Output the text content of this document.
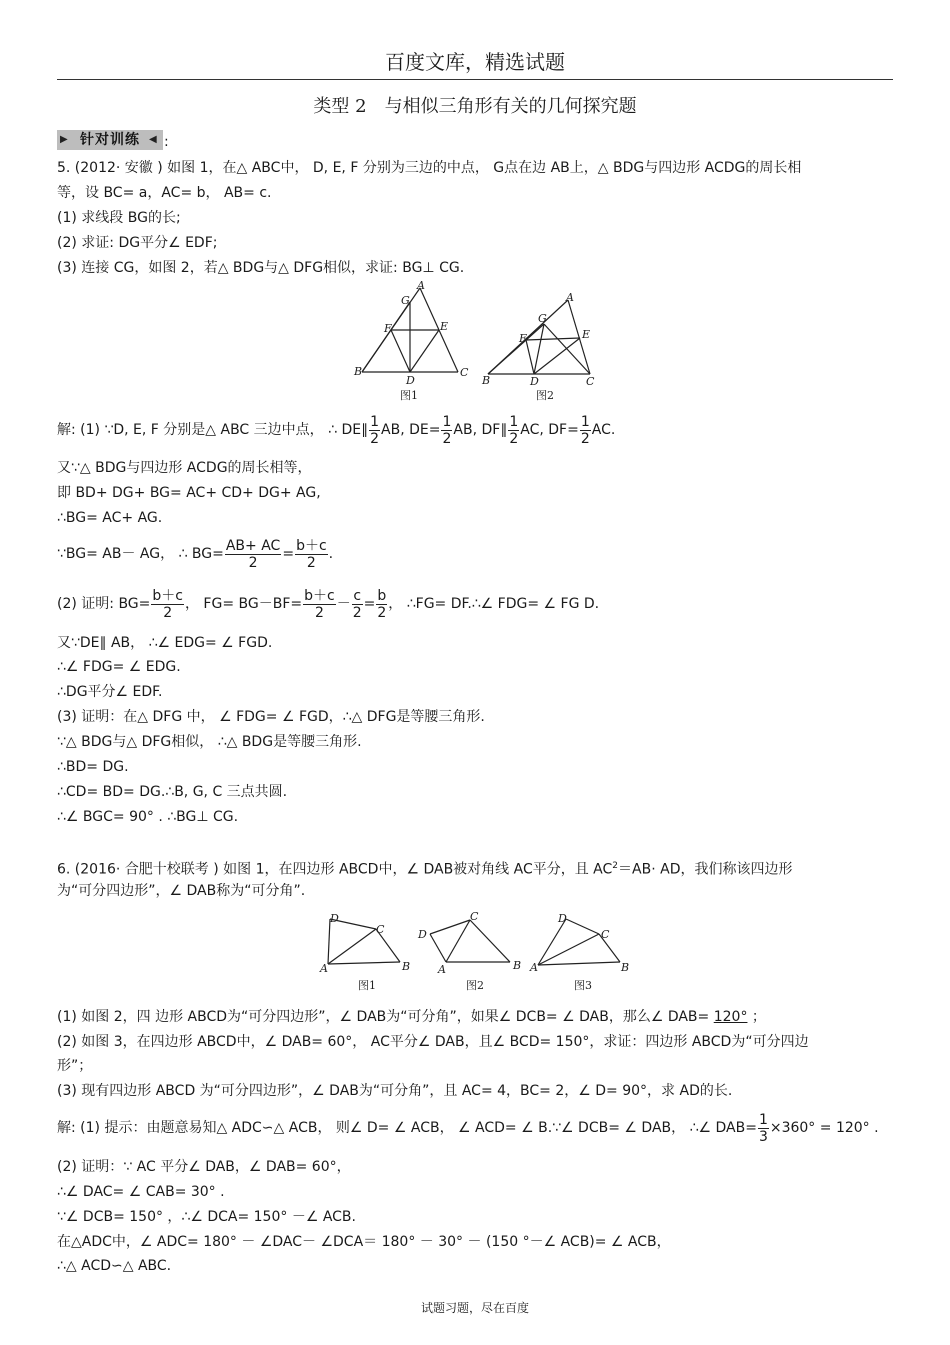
百度文库，精选试题
类型 2　与相似三角形有关的几何探究题
▶ 针对训练 ◀ :
5. (2012· 安徽 ) 如图 1，在△ ABC中， D, E, F 分别为三边的中点， G点在边 AB上，△ BDG与四边形 ACDG的周长相
等，设 BC= a，AC= b， AB= c.
(1) 求线段 BG的长;
(2) 求证: DG平分∠ EDF;
(3) 连接 CG，如图 2，若△ BDG与△ DFG相似，求证: BG⊥ CG.
A
G
F	E
B	C
D
图1
A
G
F	E
B	C
D
图2
解: (1) ∵D, E, F 分别是△ ABC 三边中点， ∴ DE∥ $\frac{1}{2}$ AB, $DE= \frac{1}{2}$ AB, DF∥ $\frac{1}{2}$ AC, $DF= \frac{1}{2}$ AC.
又∵△ BDG与四边形 ACDG的周长相等，
即 BD+ DG+ BG= AC+ CD+ DG+ AG,
∴BG= AC+ AG.
∵BG= AB－ AG， ∴ $BG= \frac{AB+ AC}{2} = \frac{b+c}{2}$ .
(2) 证明: $BG= \frac{b+c}{2}$ ， $FG= BG-BF= \frac{b+c}{2} - \frac{c}{2} = \frac{b}{2}$ ， ∴FG= DF.∴∠ FDG= ∠ FG D.
又∵DE∥ AB， ∴∠ EDG= ∠ FGD.
∴∠ FDG= ∠ EDG.
∴DG平分∠ EDF.
(3) 证明：在△ DFG 中， ∠ FDG= ∠ FGD，∴△ DFG是等腰三角形.
∵△ BDG与△ DFG相似， ∴△ BDG是等腰三角形.
∴BD= DG.
∴CD= BD= DG.∴B, G, C 三点共圆.
∴∠ BGC= 90° . ∴BG⊥ CG.
6. (2016· 合肥十校联考 ) 如图 1，在四边形 ABCD中，∠ DAB被对角线 AC平分，且 $AC^2=AB\cdot$ AD，我们称该四边形
为“可分四边形”，∠ DAB称为“可分角”.
D
C
A	B
图1
D
C
A	B
图2
D
C
A	B
图3
(1) 如图 2，四 边形 ABCD为“可分四边形”，∠ DAB为“可分角”，如果∠ DCB= ∠ DAB，那么∠ DAB= 120° ；
(2) 如图 3，在四边形 ABCD中，∠ DAB= 60°， AC平分∠ DAB，且∠ BCD= 150°，求证：四边形 ABCD为“可分四边
形”；
(3) 现有四边形 ABCD 为“可分四边形”，∠ DAB为“可分角”，且 AC= 4，BC= 2，∠ D= 90°，求 AD的长.
解: (1) 提示：由题意易知△ ADC∽△ ACB， 则∠ D= ∠ ACB， ∠ ACD= ∠ B.∵∠ DCB= ∠ DAB， ∴∠ $DAB= \frac{1}{3} \times 360^\circ = 120^\circ$ .
(2) 证明：∵ AC 平分∠ DAB，∠ DAB= 60°，
∴∠ DAC= ∠ CAB= 30° .
∵∠ DCB= 150° ，∴∠ DCA= 150° －∠ ACB.
在△ADC中，∠ ADC= 180° － ∠DAC－ ∠DCA＝ 180° － 30° － (150 °－∠ ACB)= ∠ ACB，
∴△ ACD∽△ ABC.
试题习题，尽在百度
